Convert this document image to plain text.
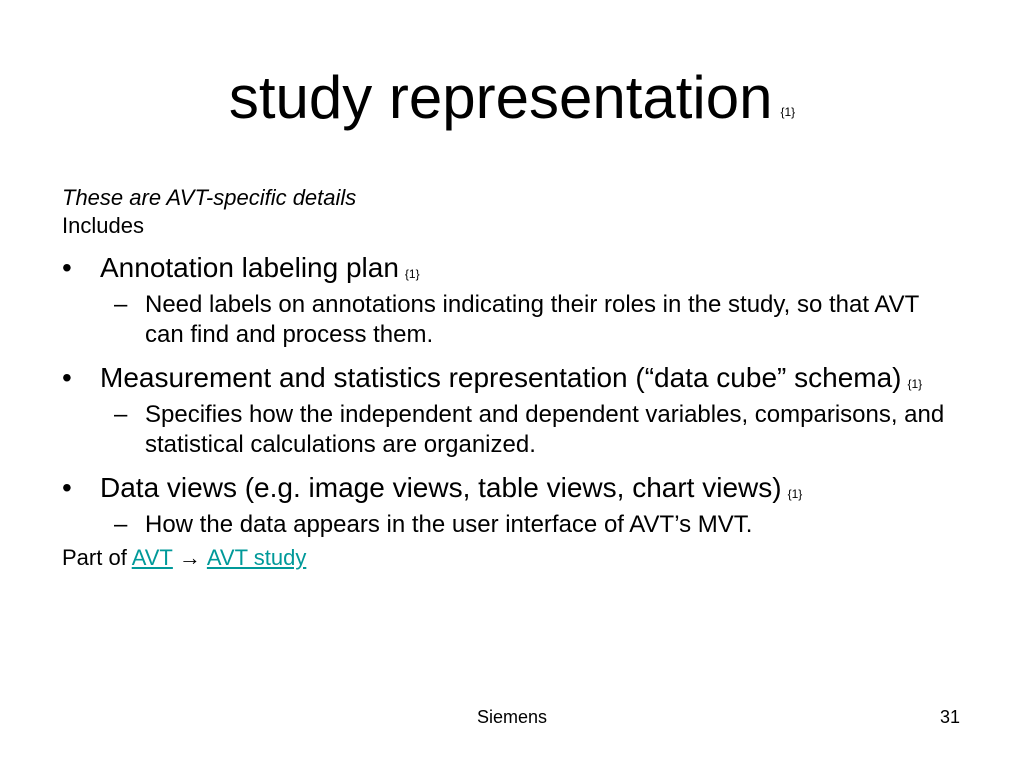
study representation $^{\{1\}}$
These are AVT-specific details
Includes
• Annotation labeling plan $^{\{1\}}$
– Need labels on annotations indicating their roles in the study, so that AVT can find and process them.
• Measurement and statistics representation (“data cube” schema) $^{\{1\}}$
– Specifies how the independent and dependent variables, comparisons, and statistical calculations are organized.
• Data views (e.g. image views, table views, chart views) $^{\{1\}}$
– How the data appears in the user interface of AVT’s MVT.
Part of AVT → AVT study
Siemens	31
